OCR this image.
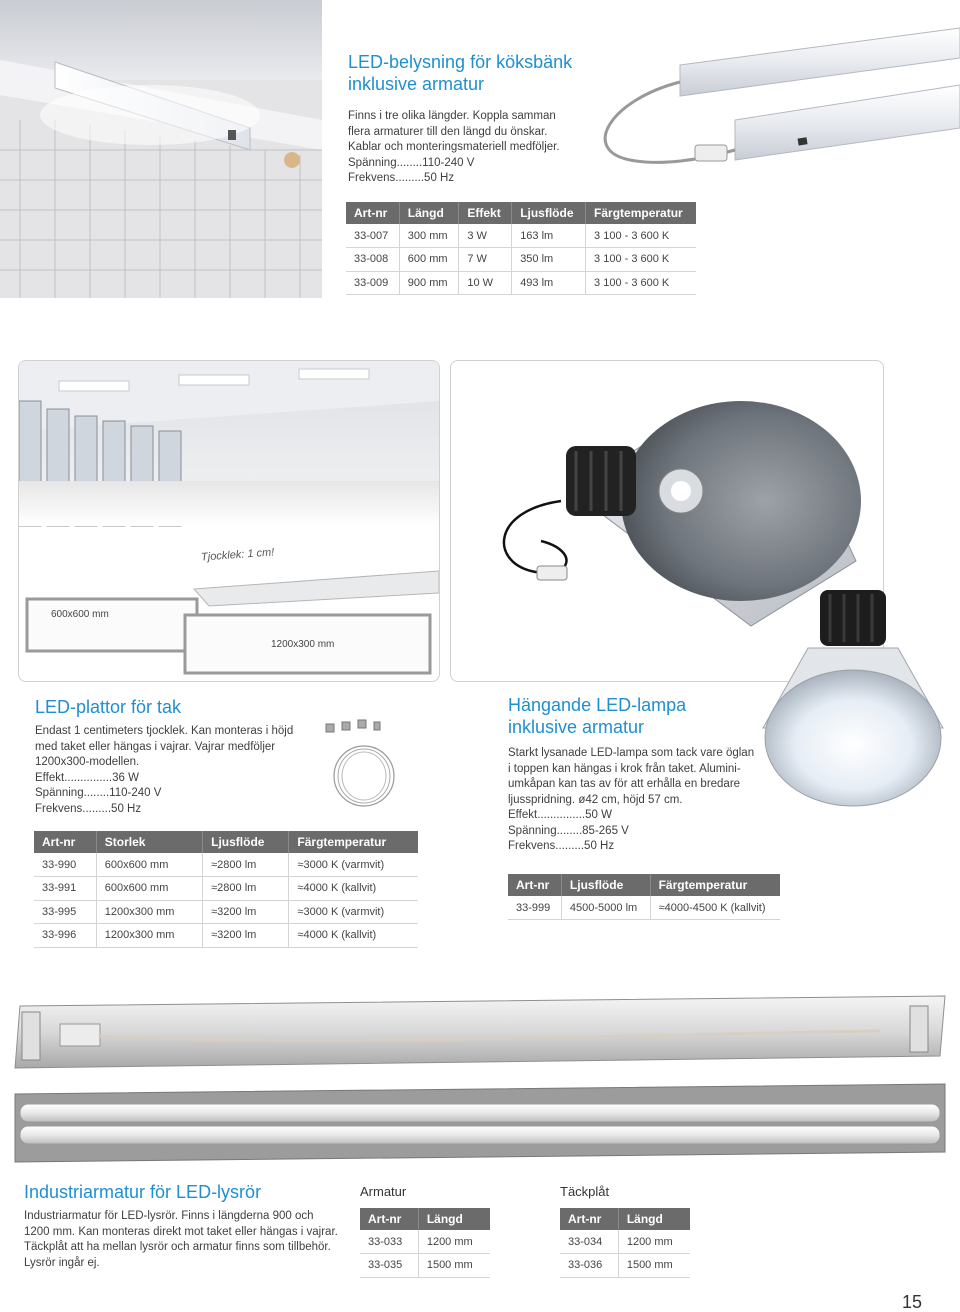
LED-belysning för köksbänk inklusive armatur
Finns i tre olika längder. Koppla samman
flera armaturer till den längd du önskar.
Kablar och monteringsmateriell medföljer.
Spänning........110-240 V
Frekvens.........50 Hz
Art-nr	Längd	Effekt	Ljusflöde	Färgtemperatur
33-007	300 mm	3 W	163 lm	3 100 - 3 600 K
33-008	600 mm	7 W	350 lm	3 100 - 3 600 K
33-009	900 mm	10 W	493 lm	3 100 - 3 600 K
Tjocklek: 1 cm!
600x600 mm
1200x300 mm
LED-plattor för tak
Endast 1 centimeters tjocklek. Kan monteras i höjd
med taket eller hängas i vajrar. Vajrar medföljer
1200x300-modellen.
Effekt...............36 W
Spänning........110-240 V
Frekvens.........50 Hz
Art-nr	Storlek	Ljusflöde	Färgtemperatur
33-990	600x600 mm	≈2800 lm	≈3000 K (varmvit)
33-991	600x600 mm	≈2800 lm	≈4000 K (kallvit)
33-995	1200x300 mm	≈3200 lm	≈3000 K (varmvit)
33-996	1200x300 mm	≈3200 lm	≈4000 K (kallvit)
Hängande LED-lampa inklusive armatur
Starkt lysanade LED-lampa som tack vare öglan
i toppen kan hängas i krok från taket. Alumini-
umkåpan kan tas av för att erhålla en bredare
ljusspridning. ø42 cm, höjd 57 cm.
Effekt...............50 W
Spänning........85-265 V
Frekvens.........50 Hz
Art-nr	Ljusflöde	Färgtemperatur
33-999	4500-5000 lm	≈4000-4500 K (kallvit)
Industriarmatur för LED-lysrör
Industriarmatur för LED-lysrör. Finns i längderna 900 och
1200 mm. Kan monteras direkt mot taket eller hängas i vajrar.
Täckplåt att ha mellan lysrör och armatur finns som tillbehör.
Lysrör ingår ej.
Armatur
Art-nr	Längd
33-033	1200 mm
33-035	1500 mm
Täckplåt
Art-nr	Längd
33-034	1200 mm
33-036	1500 mm
15
